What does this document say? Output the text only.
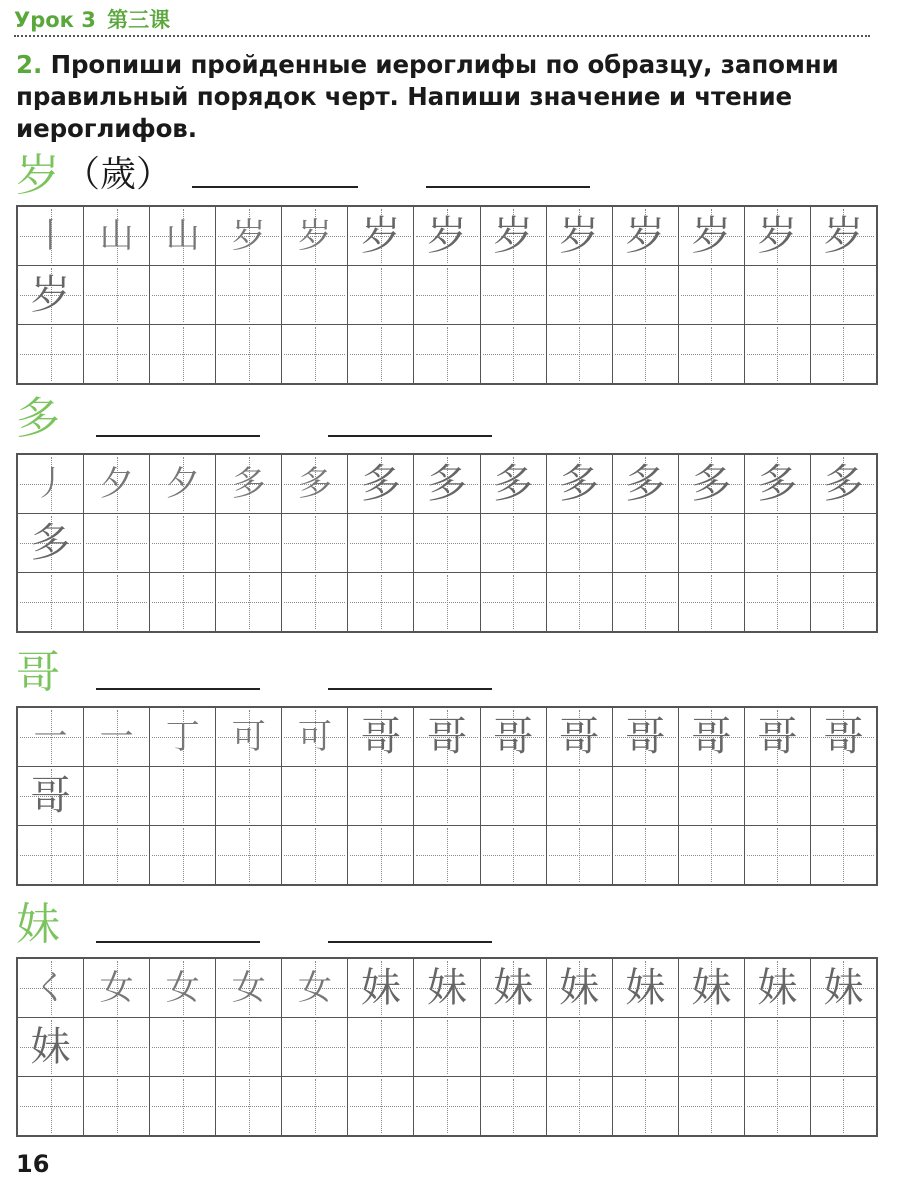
Урок 3 第三课
2. Пропиши пройденные иероглифы по образцу, запомни правильный порядок черт. Напиши значение и чтение иероглифов.
岁 （歲）
丨 山 山 岁 岁 岁 岁 岁 岁 岁 岁 岁 岁
岁
多
丿 夕 夕 多 多 多 多 多 多 多 多 多 多
多
哥
一 一 丁 可 可 哥 哥 哥 哥 哥 哥 哥 哥
哥
妹
く 女 女 女 女 妹 妹 妹 妹 妹 妹 妹 妹
妹
16
